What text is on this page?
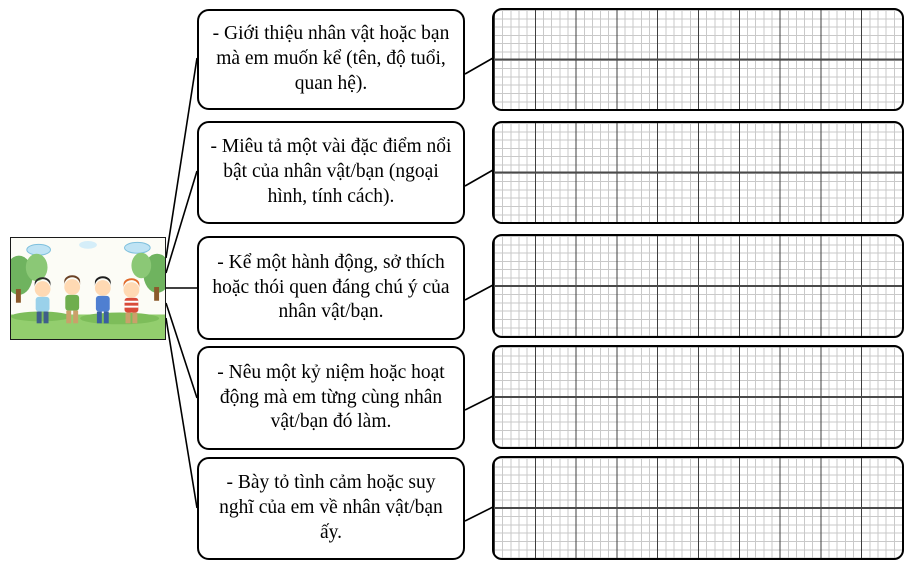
- Giới thiệu nhân vật hoặc bạn mà em muốn kể (tên, độ tuổi, quan hệ).
- Miêu tả một vài đặc điểm nổi bật của nhân vật/bạn (ngoại hình, tính cách).
- Kể một hành động, sở thích hoặc thói quen đáng chú ý của nhân vật/bạn.
- Nêu một kỷ niệm hoặc hoạt động mà em từng cùng nhân vật/bạn đó làm.
- Bày tỏ tình cảm hoặc suy nghĩ của em về nhân vật/bạn ấy.
